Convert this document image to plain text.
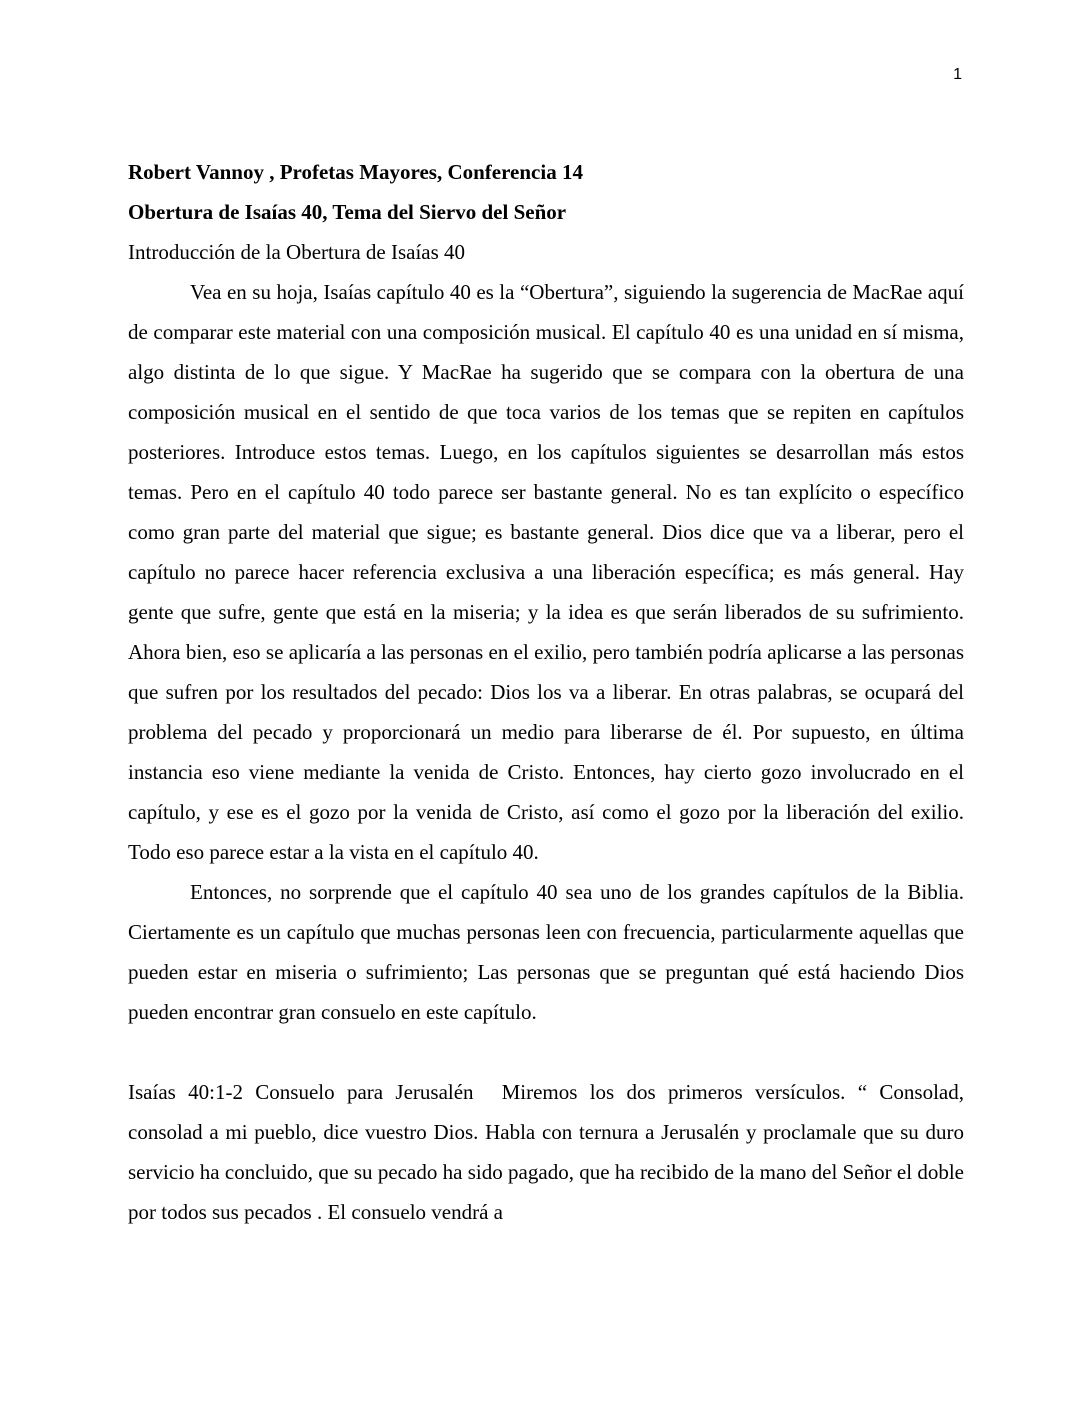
1

Robert Vannoy , Profetas Mayores, Conferencia 14

Obertura de Isaías 40, Tema del Siervo del Señor

Introducción de la Obertura de Isaías 40

Vea en su hoja, Isaías capítulo 40 es la “Obertura”, siguiendo la sugerencia de MacRae aquí de comparar este material con una composición musical. El capítulo 40 es una unidad en sí misma, algo distinta de lo que sigue. Y MacRae ha sugerido que se compara con la obertura de una composición musical en el sentido de que toca varios de los temas que se repiten en capítulos posteriores. Introduce estos temas. Luego, en los capítulos siguientes se desarrollan más estos temas. Pero en el capítulo 40 todo parece ser bastante general. No es tan explícito o específico como gran parte del material que sigue; es bastante general. Dios dice que va a liberar, pero el capítulo no parece hacer referencia exclusiva a una liberación específica; es más general. Hay gente que sufre, gente que está en la miseria; y la idea es que serán liberados de su sufrimiento. Ahora bien, eso se aplicaría a las personas en el exilio, pero también podría aplicarse a las personas que sufren por los resultados del pecado: Dios los va a liberar. En otras palabras, se ocupará del problema del pecado y proporcionará un medio para liberarse de él. Por supuesto, en última instancia eso viene mediante la venida de Cristo. Entonces, hay cierto gozo involucrado en el capítulo, y ese es el gozo por la venida de Cristo, así como el gozo por la liberación del exilio. Todo eso parece estar a la vista en el capítulo 40.

Entonces, no sorprende que el capítulo 40 sea uno de los grandes capítulos de la Biblia. Ciertamente es un capítulo que muchas personas leen con frecuencia, particularmente aquellas que pueden estar en miseria o sufrimiento; Las personas que se preguntan qué está haciendo Dios pueden encontrar gran consuelo en este capítulo.

Isaías 40:1-2 Consuelo para Jerusalén Miremos los dos primeros versículos. “ Consolad, consolad a mi pueblo, dice vuestro Dios. Habla con ternura a Jerusalén y proclamale que su duro servicio ha concluido, que su pecado ha sido pagado, que ha recibido de la mano del Señor el doble por todos sus pecados . El consuelo vendrá a
